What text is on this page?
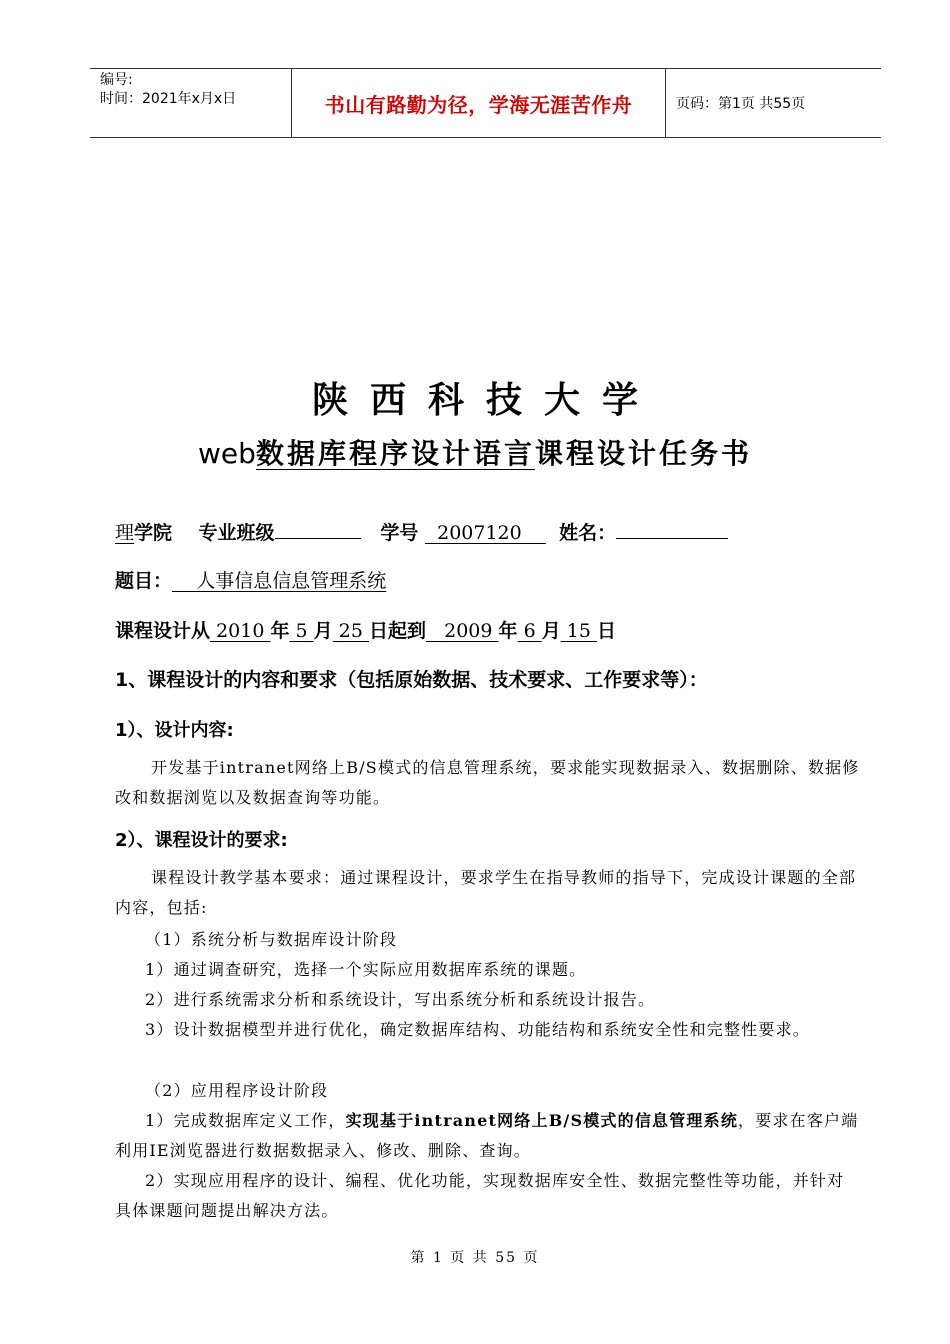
编号:
时间：2021年x月x日	书山有路勤为径，学海无涯苦作舟	页码：第1页 共55页
陕西科技大学
web数据库程序设计语言课程设计任务书
理学院 专业班级	学号 2007120 姓名：
题目： 人事信息信息管理系统
课程设计从 2010 年 5 月 25 日起到 2009 年 6 月 15 日
1、课程设计的内容和要求（包括原始数据、技术要求、工作要求等）：
1）、设计内容:
开发基于intranet网络上B/S模式的信息管理系统，要求能实现数据录入、数据删除、数据修改和数据浏览以及数据查询等功能。
2）、课程设计的要求:
课程设计教学基本要求：通过课程设计，要求学生在指导教师的指导下，完成设计课题的全部内容，包括:
（1）系统分析与数据库设计阶段
1）通过调查研究，选择一个实际应用数据库系统的课题。
2）进行系统需求分析和系统设计，写出系统分析和系统设计报告。
3）设计数据模型并进行优化，确定数据库结构、功能结构和系统安全性和完整性要求。
（2）应用程序设计阶段
1）完成数据库定义工作，实现基于intranet网络上B/S模式的信息管理系统，要求在客户端利用IE浏览器进行数据数据录入、修改、删除、查询。
2）实现应用程序的设计、编程、优化功能，实现数据库安全性、数据完整性等功能，并针对具体课题问题提出解决方法。
第 1 页 共 55 页
